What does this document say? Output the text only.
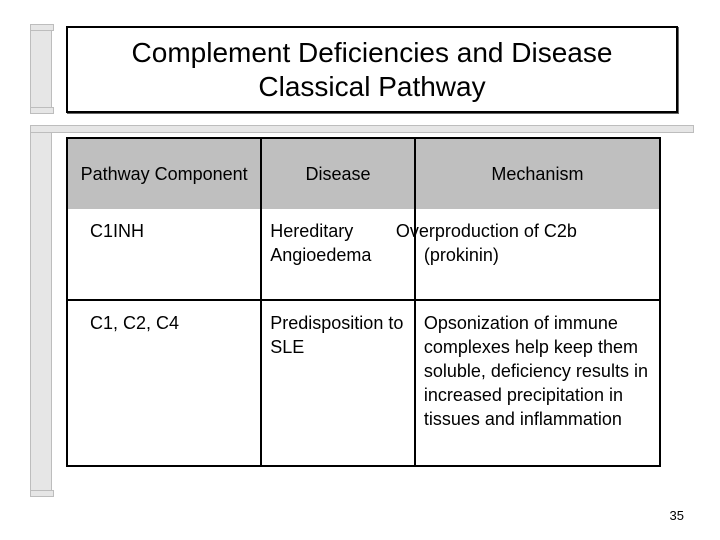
Complement Deficiencies and Disease
Classical Pathway
Pathway Component	Disease	Mechanism

C1INH	Hereditary Angioedema	Overproduction of C2b (prokinin)

C1, C2, C4	Predisposition to SLE	Opsonization of immune complexes help keep them soluble, deficiency results in increased precipitation in tissues and inflammation
35
